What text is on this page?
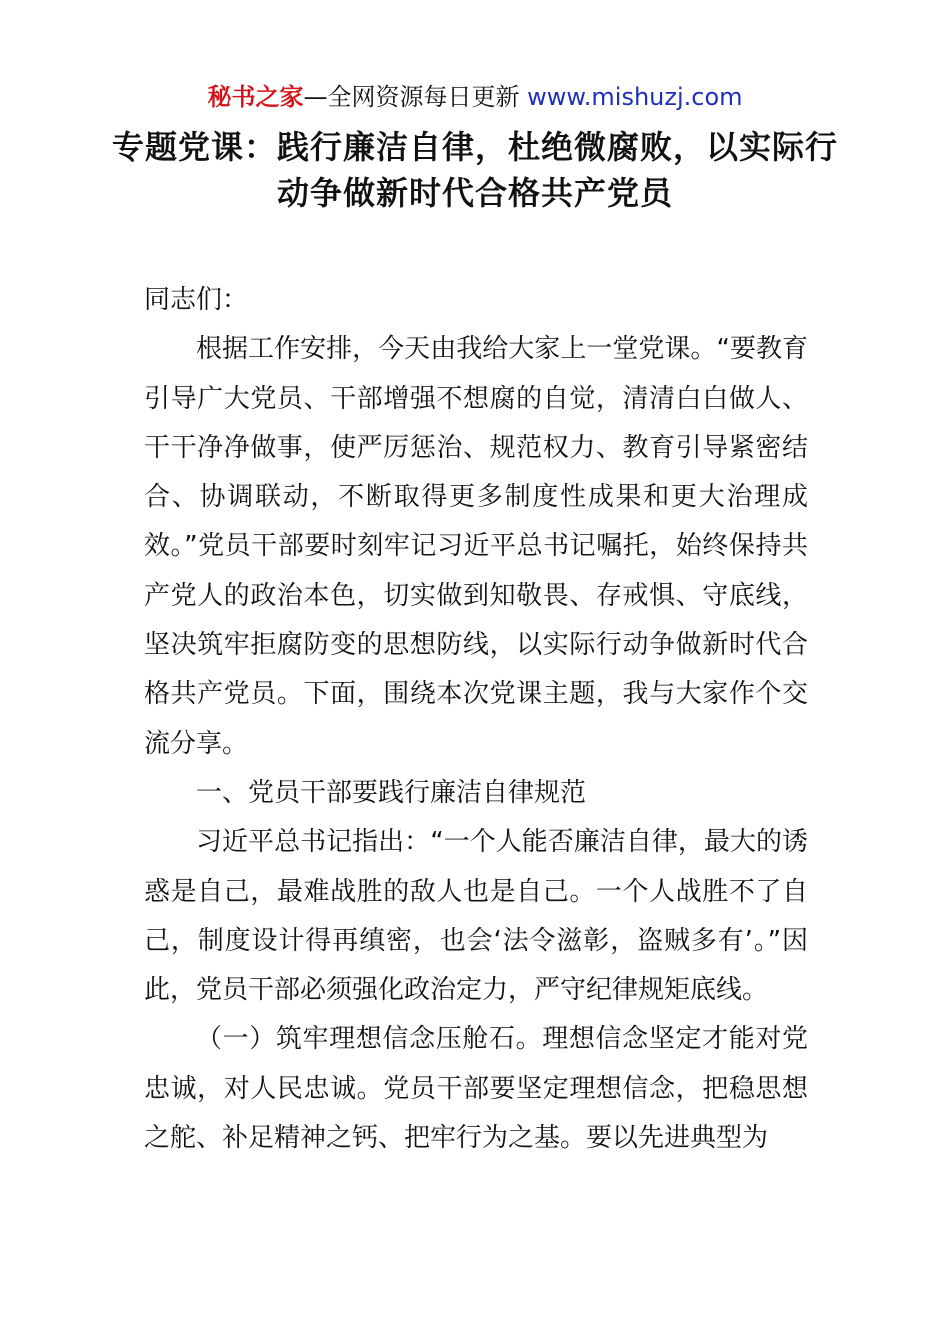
秘书之家—全网资源每日更新 www.mishuzj.com
专题党课：践行廉洁自律，杜绝微腐败，以实际行动争做新时代合格共产党员

同志们：

根据工作安排，今天由我给大家上一堂党课。“要教育引导广大党员、干部增强不想腐的自觉，清清白白做人、干干净净做事，使严厉惩治、规范权力、教育引导紧密结合、协调联动，不断取得更多制度性成果和更大治理成效。”党员干部要时刻牢记习近平总书记嘱托，始终保持共产党人的政治本色，切实做到知敬畏、存戒惧、守底线，坚决筑牢拒腐防变的思想防线，以实际行动争做新时代合格共产党员。下面，围绕本次党课主题，我与大家作个交流分享。

一、党员干部要践行廉洁自律规范

习近平总书记指出：“一个人能否廉洁自律，最大的诱惑是自己，最难战胜的敌人也是自己。一个人战胜不了自己，制度设计得再缜密，也会‘法令滋彰，盗贼多有’。”因此，党员干部必须强化政治定力，严守纪律规矩底线。

（一）筑牢理想信念压舱石。理想信念坚定才能对党忠诚，对人民忠诚。党员干部要坚定理想信念，把稳思想之舵、补足精神之钙、把牢行为之基。要以先进典型为
